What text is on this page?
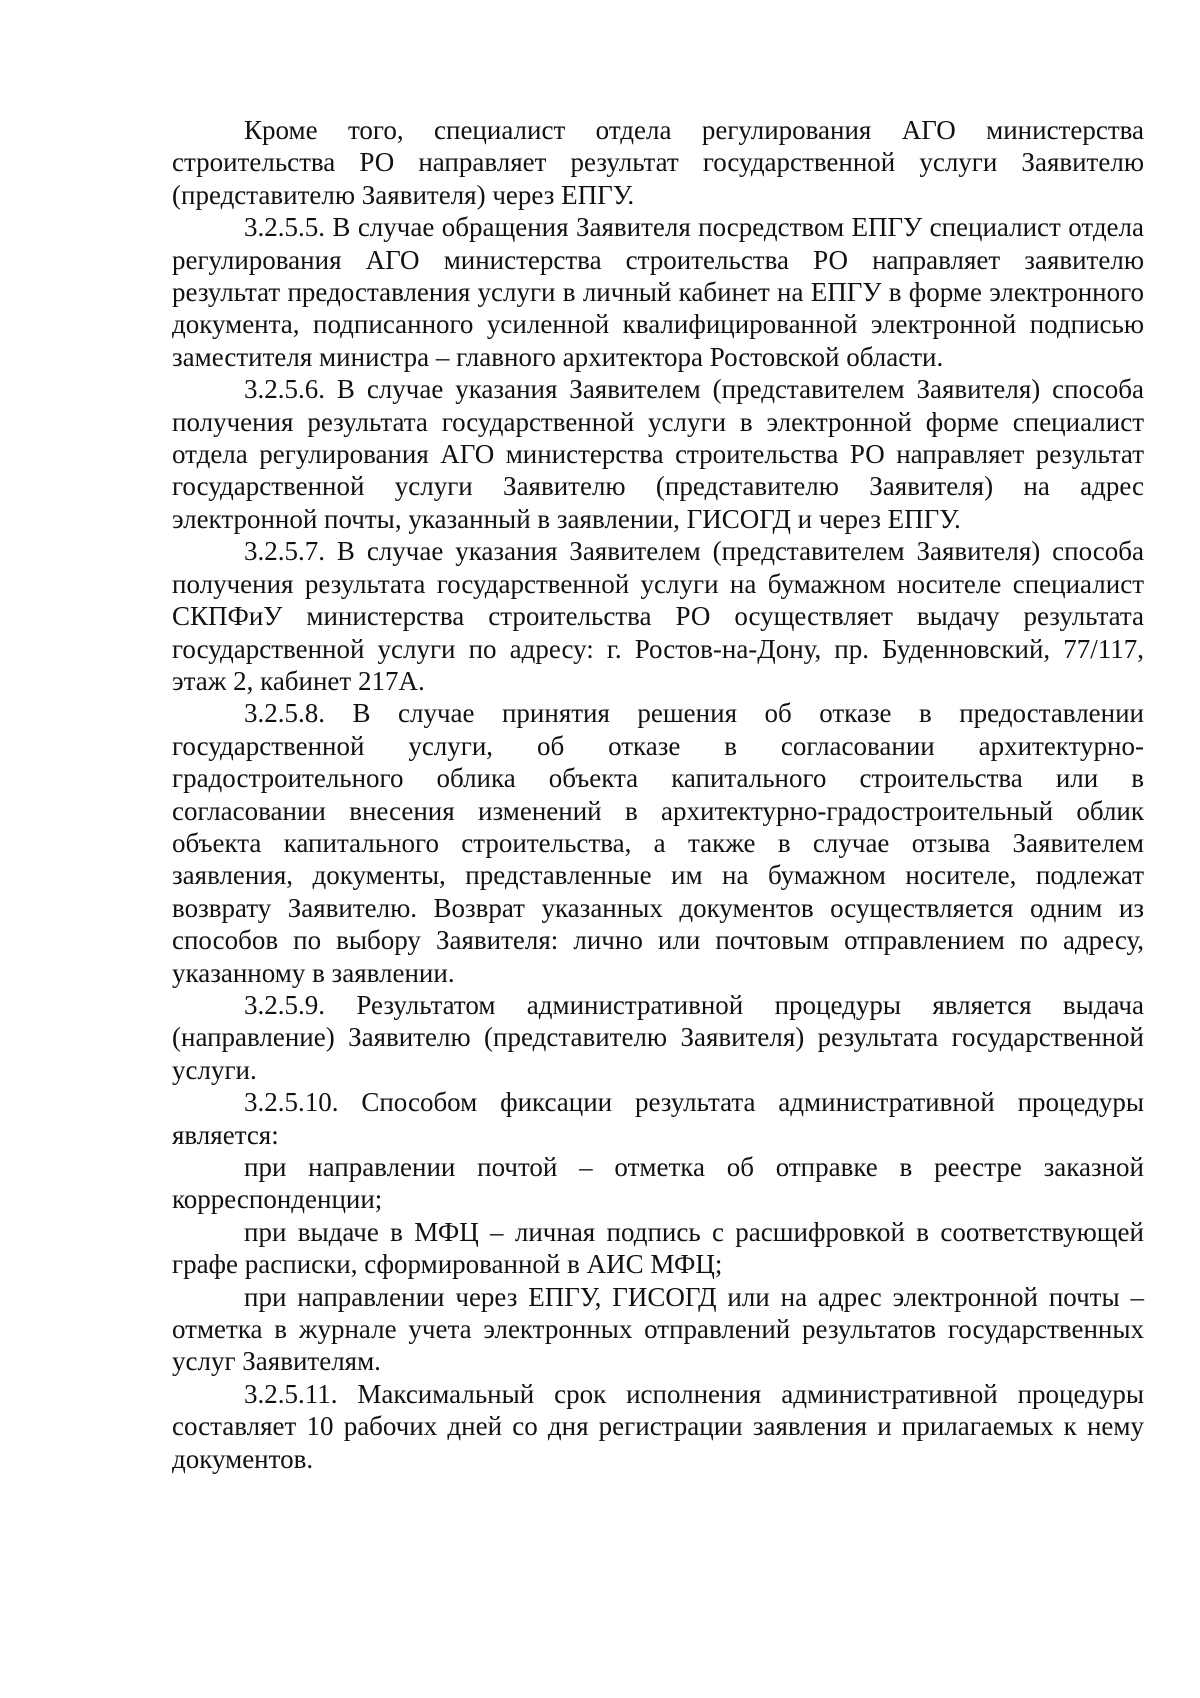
Кроме того, специалист отдела регулирования АГО министерства строительства РО направляет результат государственной услуги Заявителю (представителю Заявителя) через ЕПГУ.

3.2.5.5. В случае обращения Заявителя посредством ЕПГУ специалист отдела регулирования АГО министерства строительства РО направляет заявителю результат предоставления услуги в личный кабинет на ЕПГУ в форме электронного документа, подписанного усиленной квалифицированной электронной подписью заместителя министра – главного архитектора Ростовской области.

3.2.5.6. В случае указания Заявителем (представителем Заявителя) способа получения результата государственной услуги в электронной форме специалист отдела регулирования АГО министерства строительства РО направляет результат государственной услуги Заявителю (представителю Заявителя) на адрес электронной почты, указанный в заявлении, ГИСОГД и через ЕПГУ.

3.2.5.7. В случае указания Заявителем (представителем Заявителя) способа получения результата государственной услуги на бумажном носителе специалист СКПФиУ министерства строительства РО осуществляет выдачу результата государственной услуги по адресу: г. Ростов-на-Дону, пр. Буденновский, 77/117, этаж 2, кабинет 217А.

3.2.5.8. В случае принятия решения об отказе в предоставлении государственной услуги, об отказе в согласовании архитектурно-градостроительного облика объекта капитального строительства или в согласовании внесения изменений в архитектурно-градостроительный облик объекта капитального строительства, а также в случае отзыва Заявителем заявления, документы, представленные им на бумажном носителе, подлежат возврату Заявителю. Возврат указанных документов осуществляется одним из способов по выбору Заявителя: лично или почтовым отправлением по адресу, указанному в заявлении.

3.2.5.9. Результатом административной процедуры является выдача (направление) Заявителю (представителю Заявителя) результата государственной услуги.

3.2.5.10. Способом фиксации результата административной процедуры является:

при направлении почтой – отметка об отправке в реестре заказной корреспонденции;

при выдаче в МФЦ – личная подпись с расшифровкой в соответствующей графе расписки, сформированной в АИС МФЦ;

при направлении через ЕПГУ, ГИСОГД или на адрес электронной почты – отметка в журнале учета электронных отправлений результатов государственных услуг Заявителям.

3.2.5.11. Максимальный срок исполнения административной процедуры составляет 10 рабочих дней со дня регистрации заявления и прилагаемых к нему документов.
